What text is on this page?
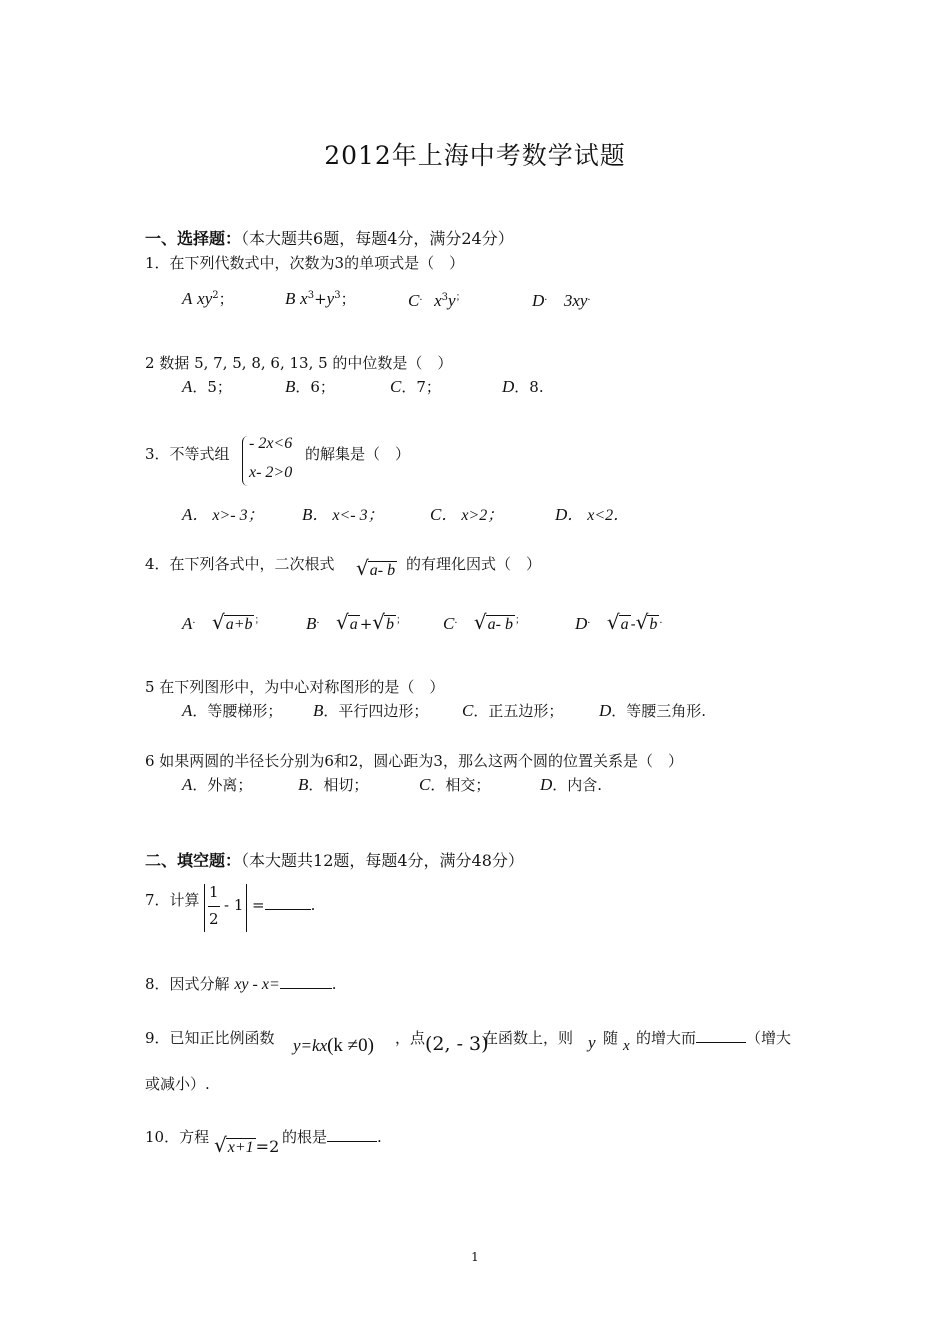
2012年上海中考数学试题
一、选择题：（本大题共6题，每题4分，满分24分）
1．在下列代数式中，次数为3的单项式是（　）
A $xy^2$；	B $x^3+y^3$；	C． $x^3y^;$	D． 3xy．
2 数据 5, 7, 5, 8, 6, 13, 5 的中位数是（　）
A．5；	B．6；	C．7；	D．8.
3．不等式组
- 2x<6
x- 2>0
的解集是（　）
A． x>- 3； B． x<- 3；	C． x>2；	D． x<2．
4．在下列各式中，二次根式 √a- b 的有理化因式（　）
A． √a+b ； B． √a +√b ； C． √a- b ；	D． √a -√b ．
5 在下列图形中，为中心对称图形的是（　）
A．等腰梯形； B．平行四边形； C．正五边形； D．等腰三角形.
6 如果两圆的半径长分别为6和2，圆心距为3，那么这两个圆的位置关系是（　）
A．外离；	B．相切；	C．相交；	D．内含.
二、填空题：（本大题共12题，每题4分，满分48分）
7．计算 1
2
- 1 =	.
8．因式分解 xy - x=	.
9．已知正比例函数 y=kx(k ≠0) ，点 (2, - 3)
在函数上，则 y 随 x 的增大而	（增大
或减小）.
10．方程 √x+1 =2 的根是	.
1
